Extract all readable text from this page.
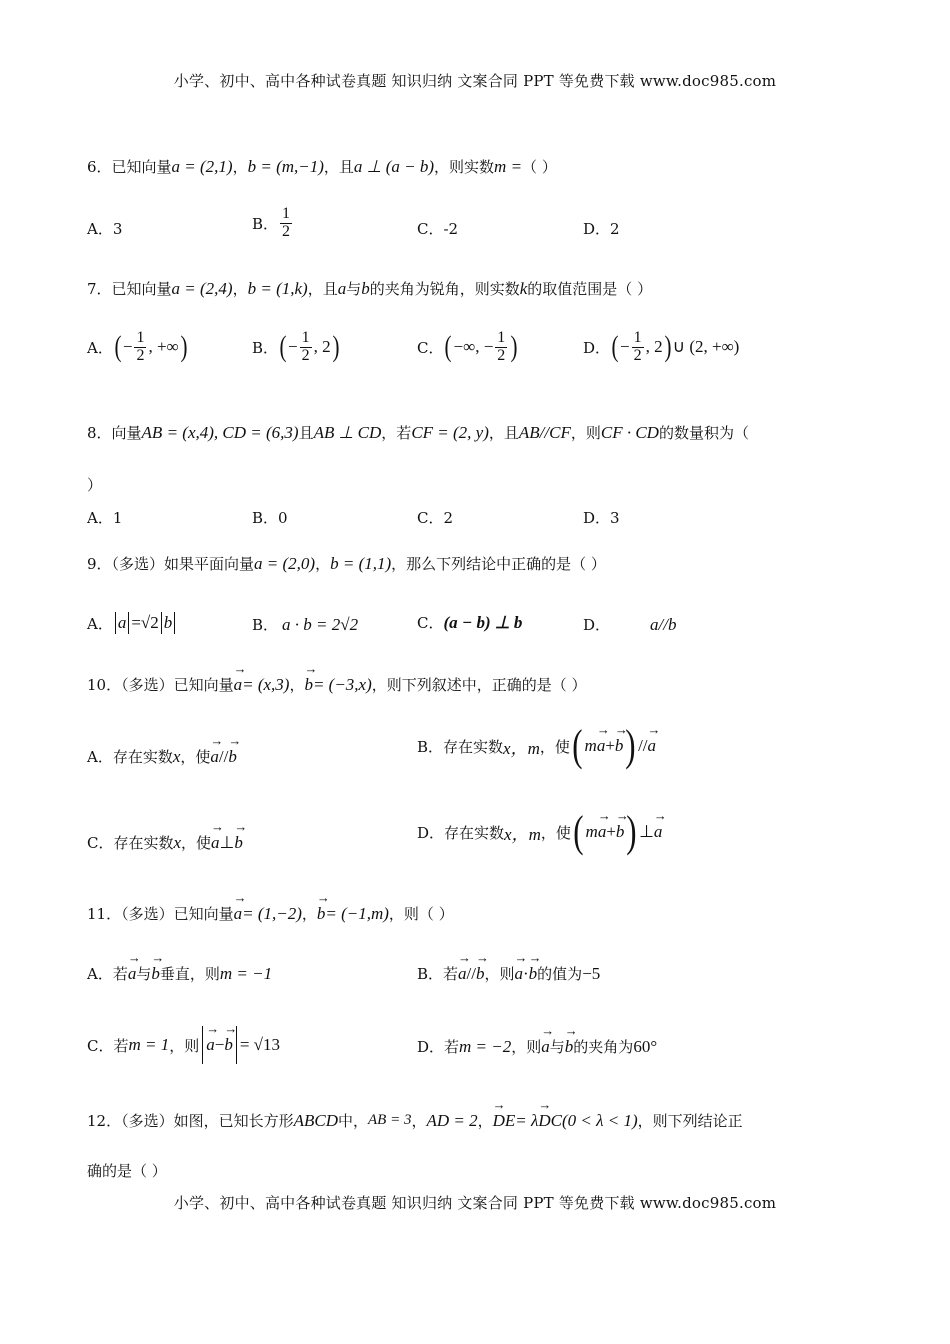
小学、初中、高中各种试卷真题 知识归纳 文案合同 PPT 等免费下载 www.doc985.com
6．已知向量 a = (2,1) ， b = (m,−1) ，且 a ⊥ (a − b) ，则实数 m = （ ）
A．3	B． $\frac{1}{2}$	C．-2	D．2
7．已知向量 a = (2,4) ， b = (1,k) ，且 a 与 b 的夹角为锐角，则实数 k 的取值范围是（ ）
A． ( − $\frac{1}{2}$ , +∞ )	B． ( − $\frac{1}{2}$ , 2 )	C． ( −∞, − $\frac{1}{2}$ )	D． ( − $\frac{1}{2}$ , 2 ) ∪ (2, +∞)
8．向量 AB = (x,4), CD = (6,3) 且 AB ⊥ CD ，若 CF = (2, y) ，且 AB//CF ，则 CF · CD 的数量积为（
）
A．1	B．0	C．2	D．3
9．（多选）如果平面向量 a = (2,0) ， b = (1,1) ，那么下列结论中正确的是（ ）
A． a =√2 b	B． a · b = 2√2	C． (a − b) ⊥ b	D． a//b
10．（多选）已知向量 → a = (x,3) ， → b = (−3,x) ，则下列叙述中，正确的是（ ）
A．存在实数 x ，使 → a // → b	B．存在实数 x，m ，使 ( m → a + → b ) // → a
C．存在实数 x ，使 → a ⊥ → b	D．存在实数 x，m ，使 ( m → a + → b ) ⊥ → a
11．（多选）已知向量 → a = (1,−2) ， → b = (−1,m) ，则（ ）
A．若 → a 与 → b 垂直，则 m = −1	B．若 → a // → b ，则 → a · → b 的值为 −5
C．若 m = 1 ，则 → a − → b = √13	D．若 m = −2 ，则 → a 与 → b 的夹角为 60°
12．（多选）如图，已知长方形 ABCD 中， AB = 3 ， AD = 2 ， → DE = λ → DC (0 < λ < 1) ，则下列结论正
确的是（ ）
小学、初中、高中各种试卷真题 知识归纳 文案合同 PPT 等免费下载 www.doc985.com
